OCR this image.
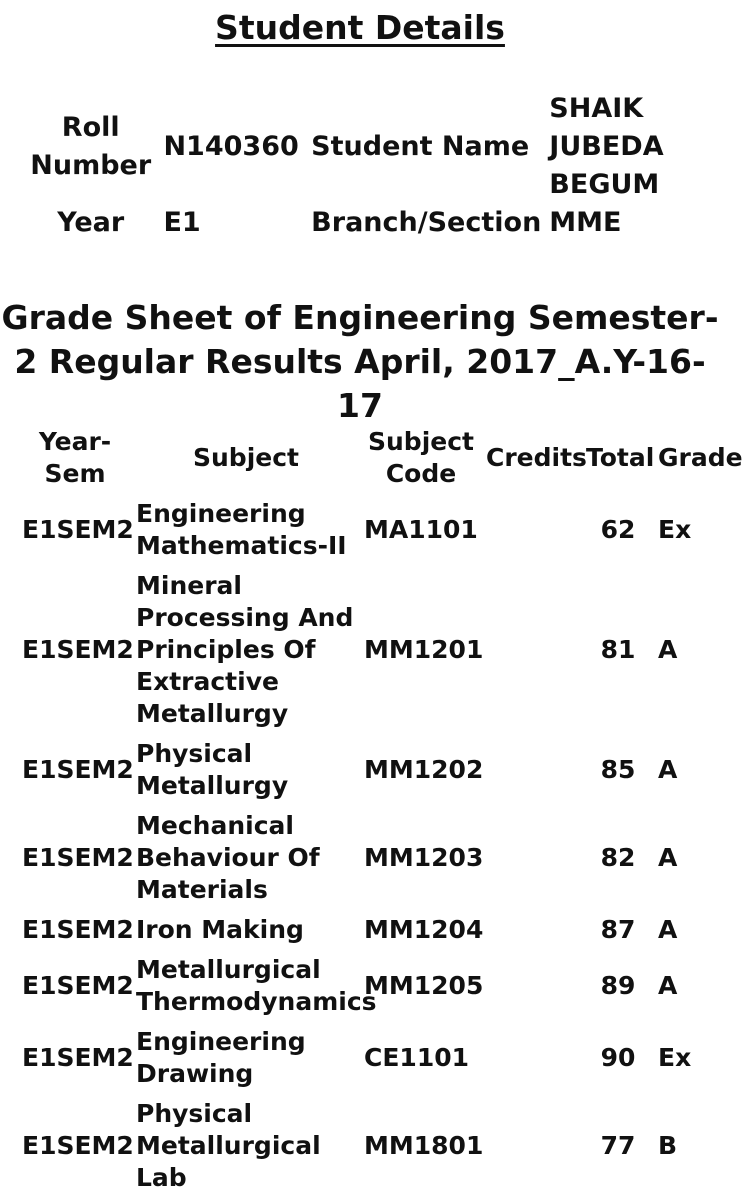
Student Details
Roll Number	N140360	Student Name	SHAIK JUBEDA BEGUM
Year	E1	Branch/Section	MME
Grade Sheet of Engineering Semester-2 Regular Results April, 2017_A.Y-16-17
Year-Sem	Subject	Subject Code	Credits	Total	Grade
E1SEM2	Engineering Mathematics-II	MA1101		62	Ex
E1SEM2	Mineral Processing And Principles Of Extractive Metallurgy	MM1201		81	A
E1SEM2	Physical Metallurgy	MM1202		85	A
E1SEM2	Mechanical Behaviour Of Materials	MM1203		82	A
E1SEM2	Iron Making	MM1204		87	A
E1SEM2	Metallurgical Thermodynamics	MM1205		89	A
E1SEM2	Engineering Drawing	CE1101		90	Ex
E1SEM2	Physical Metallurgical Lab	MM1801		77	B
